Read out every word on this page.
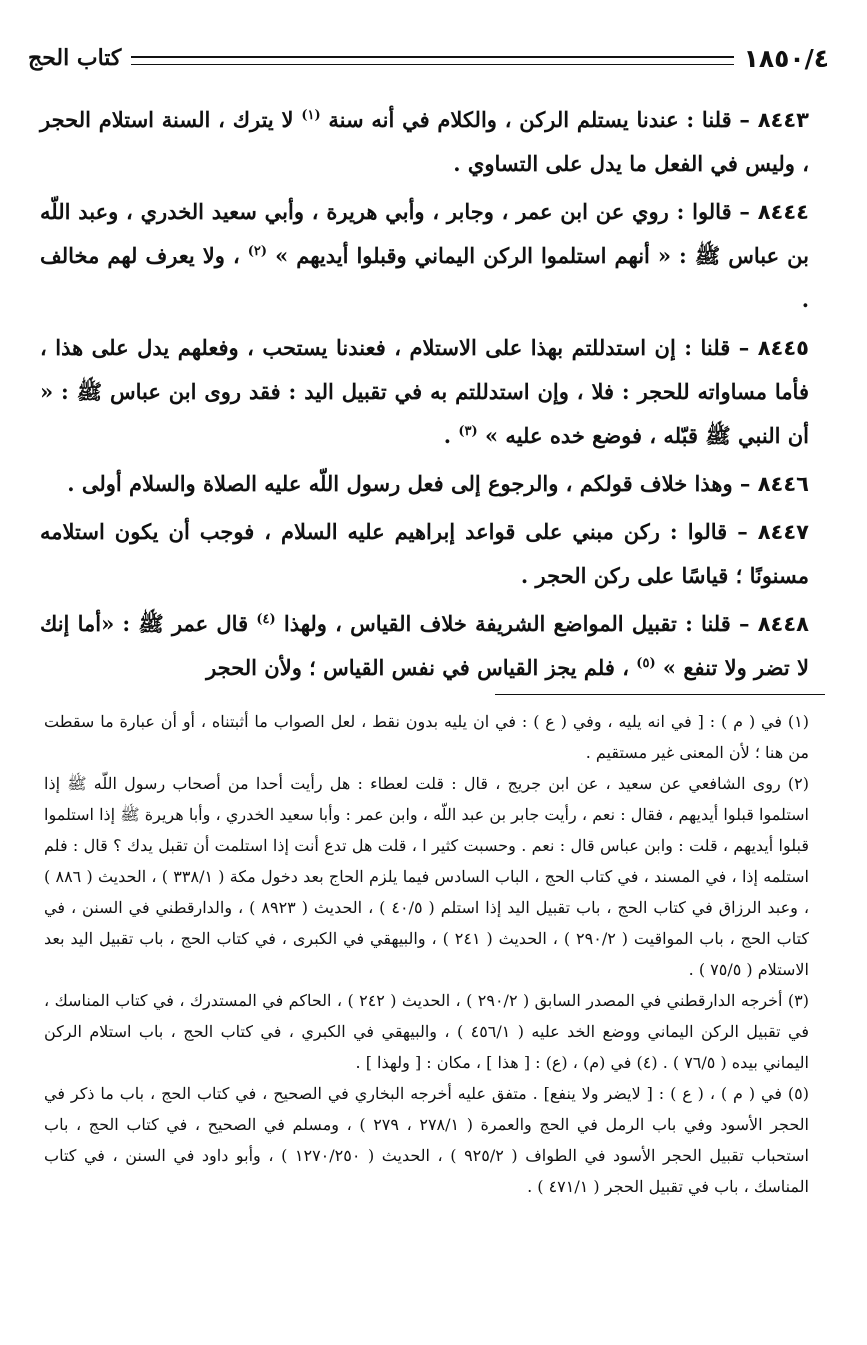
١٨٥٠/٤
كتاب الحج

٨٤٤٣ – قلنا : عندنا يستلم الركن ، والكلام في أنه سنة $^{(١)}$ لا يترك ، السنة استلام الحجر ، وليس في الفعل ما يدل على التساوي .

٨٤٤٤ – قالوا : روي عن ابن عمر ، وجابر ، وأبي هريرة ، وأبي سعيد الخدري ، وعبد اللّه بن عباس ﷺ : « أنهم استلموا الركن اليماني وقبلوا أيديهم » $^{(٢)}$ ، ولا يعرف لهم مخالف .

٨٤٤٥ – قلنا : إن استدللتم بهذا على الاستلام ، فعندنا يستحب ، وفعلهم يدل على هذا ، فأما مساواته للحجر : فلا ، وإن استدللتم به في تقبيل اليد : فقد روى ابن عباس ﷺ : « أن النبي ﷺ قبّله ، فوضع خده عليه » $^{(٣)}$ .

٨٤٤٦ – وهذا خلاف قولكم ، والرجوع إلى فعل رسول اللّه عليه الصلاة والسلام أولى .

٨٤٤٧ – قالوا : ركن مبني على قواعد إبراهيم عليه السلام ، فوجب أن يكون استلامه مسنونًا ؛ قياسًا على ركن الحجر .

٨٤٤٨ – قلنا : تقبيل المواضع الشريفة خلاف القياس ، ولهذا $^{(٤)}$ قال عمر ﷺ : «أما إنك لا تضر ولا تنفع » $^{(٥)}$ ، فلم يجز القياس في نفس القياس ؛ ولأن الحجر

(١) في ( م ) : [ في انه يليه ، وفي ( ع ) : في ان يليه بدون نقط ، لعل الصواب ما أثبتناه ، أو أن عبارة ما سقطت من هنا ؛ لأن المعنى غير مستقيم .

(٢) روى الشافعي عن سعيد ، عن ابن جريج ، قال : قلت لعطاء : هل رأيت أحدا من أصحاب رسول اللّه ﷺ إذا استلموا قبلوا أيديهم ، فقال : نعم ، رأيت جابر بن عبد اللّه ، وابن عمر : وأبا سعيد الخدري ، وأبا هريرة ﷺ إذا استلموا قبلوا أيديهم ، قلت : وابن عباس قال : نعم . وحسبت كثير ا ، قلت هل تدع أنت إذا استلمت أن تقبل يدك ؟ قال : فلم استلمه إذا ، في المسند ، في كتاب الحج ، الباب السادس فيما يلزم الحاج بعد دخول مكة ( ٣٣٨/١ ) ، الحديث ( ٨٨٦ ) ، وعبد الرزاق في كتاب الحج ، باب تقبيل اليد إذا استلم ( ٤٠/٥ ) ، الحديث ( ٨٩٢٣ ) ، والدارقطني في السنن ، في كتاب الحج ، باب المواقيت ( ٢٩٠/٢ ) ، الحديث ( ٢٤١ ) ، والبيهقي في الكبرى ، في كتاب الحج ، باب تقبيل اليد بعد الاستلام ( ٧٥/٥ ) .

(٣) أخرجه الدارقطني في المصدر السابق ( ٢٩٠/٢ ) ، الحديث ( ٢٤٢ ) ، الحاكم في المستدرك ، في كتاب المناسك ، في تقبيل الركن اليماني ووضع الخد عليه ( ٤٥٦/١ ) ، والبيهقي في الكبري ، في كتاب الحج ، باب استلام الركن اليماني بيده ( ٧٦/٥ ) . (٤) في (م) ، (ع) : [ هذا ] ، مكان : [ ولهذا ] .

(٥) في ( م ) ، ( ع ) : [ لايضر ولا ينفع] . متفق عليه أخرجه البخاري في الصحيح ، في كتاب الحج ، باب ما ذكر في الحجر الأسود وفي باب الرمل في الحج والعمرة ( ٢٧٨/١ ، ٢٧٩ ) ، ومسلم في الصحيح ، في كتاب الحج ، باب استحباب تقبيل الحجر الأسود في الطواف ( ٩٢٥/٢ ) ، الحديث ( ١٢٧٠/٢٥٠ ) ، وأبو داود في السنن ، في كتاب المناسك ، باب في تقبيل الحجر ( ٤٧١/١ ) .
